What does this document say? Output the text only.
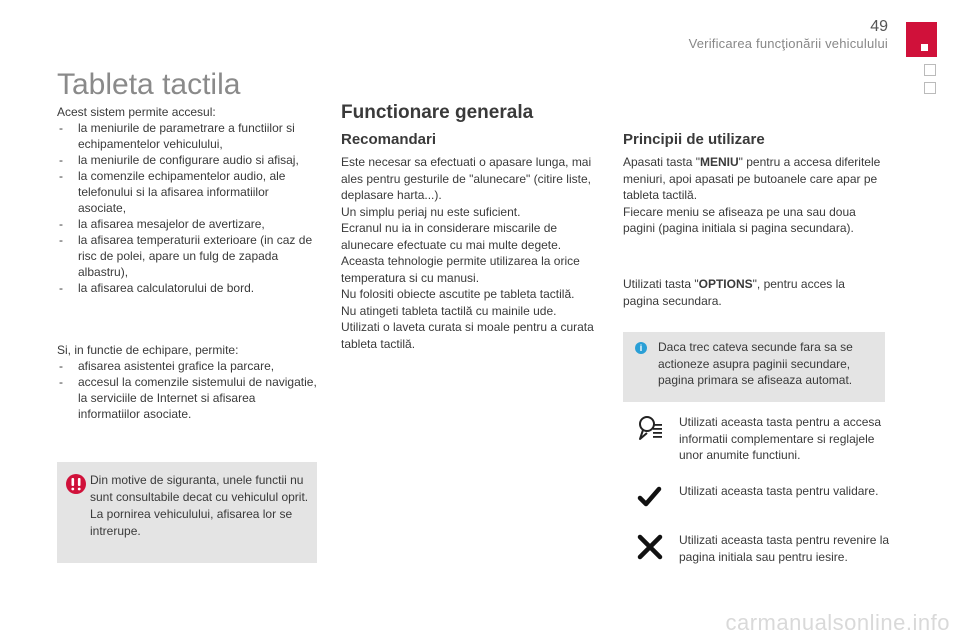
49
Verificarea funcţionării vehiculului
Tableta tactila

Acest sistem permite accesul:

- la meniurile de parametrare a functiilor si echipamentelor vehiculului,
- la meniurile de configurare audio si afisaj,
- la comenzile echipamentelor audio, ale telefonului si la afisarea informatiilor asociate,
- la afisarea mesajelor de avertizare,
- la afisarea temperaturii exterioare (in caz de risc de polei, apare un fulg de zapada albastru),
- la afisarea calculatorului de bord.

Si, in functie de echipare, permite:

- afisarea asistentei grafice la parcare,
- accesul la comenzile sistemului de navigatie, la serviciile de Internet si afisarea informatiilor asociate.

Din motive de siguranta, unele functii nu sunt consultabile decat cu vehiculul oprit. La pornirea vehiculului, afisarea lor se intrerupe.

Functionare generala
Recomandari

Este necesar sa efectuati o apasare lunga, mai ales pentru gesturile de "alunecare" (citire liste, deplasare harta...).

Un simplu periaj nu este suficient.

Ecranul nu ia in considerare miscarile de alunecare efectuate cu mai multe degete.

Aceasta tehnologie permite utilizarea la orice temperatura si cu manusi.

Nu folositi obiecte ascutite pe tableta tactilă.

Nu atingeti tableta tactilă cu mainile ude.

Utilizati o laveta curata si moale pentru a curata tableta tactilă.

Principii de utilizare

Apasati tasta "MENIU" pentru a accesa diferitele meniuri, apoi apasati pe butoanele care apar pe tableta tactilă.

Fiecare meniu se afiseaza pe una sau doua pagini (pagina initiala si pagina secundara).

Utilizati tasta "OPTIONS", pentru acces la pagina secundara.

i	Daca trec cateva secunde fara sa se actioneze asupra paginii secundare, pagina primara se afiseaza automat.

Utilizati aceasta tasta pentru a accesa informatii complementare si reglajele unor anumite functiuni.

Utilizati aceasta tasta pentru validare.

Utilizati aceasta tasta pentru revenire la pagina initiala sau pentru iesire.

carmanualsonline.info
